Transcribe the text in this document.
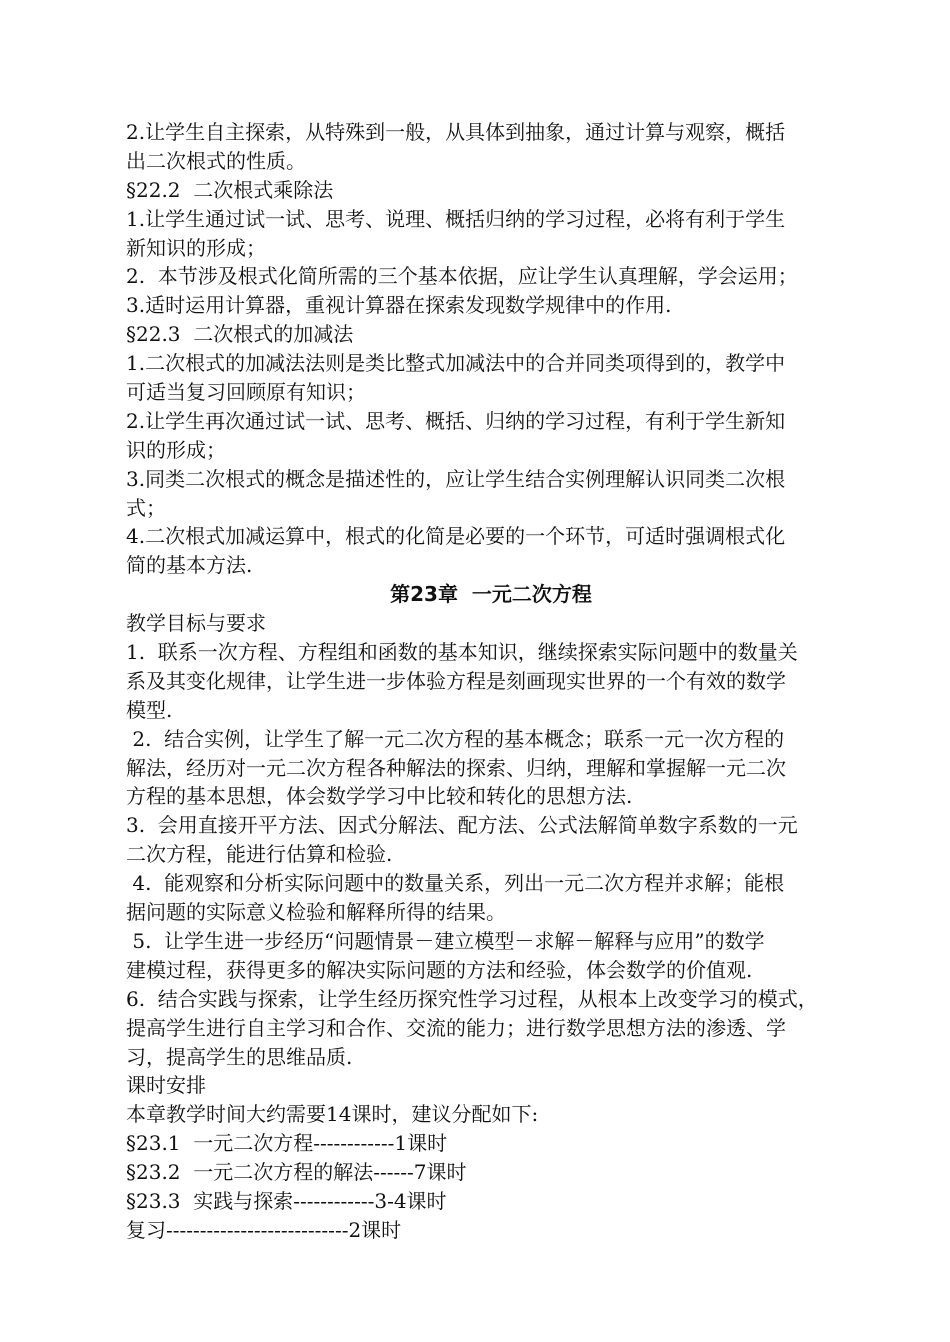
2.让学生自主探索，从特殊到一般，从具体到抽象，通过计算与观察，概括
出二次根式的性质。
§22.2  二次根式乘除法
1.让学生通过试一试、思考、说理、概括归纳的学习过程，必将有利于学生
新知识的形成；
2.  本节涉及根式化简所需的三个基本依据，应让学生认真理解，学会运用；
3.适时运用计算器，重视计算器在探索发现数学规律中的作用.
§22.3  二次根式的加减法
1.二次根式的加减法法则是类比整式加减法中的合并同类项得到的，教学中
可适当复习回顾原有知识；
2.让学生再次通过试一试、思考、概括、归纳的学习过程，有利于学生新知
识的形成；
3.同类二次根式的概念是描述性的，应让学生结合实例理解认识同类二次根
式；
4.二次根式加减运算中，根式的化简是必要的一个环节，可适时强调根式化
简的基本方法.
第23章  一元二次方程
教学目标与要求
1.  联系一次方程、方程组和函数的基本知识，继续探索实际问题中的数量关
系及其变化规律，让学生进一步体验方程是刻画现实世界的一个有效的数学
模型.
2.  结合实例，让学生了解一元二次方程的基本概念；联系一元一次方程的
解法，经历对一元二次方程各种解法的探索、归纳，理解和掌握解一元二次
方程的基本思想，体会数学学习中比较和转化的思想方法.
3.  会用直接开平方法、因式分解法、配方法、公式法解简单数字系数的一元
二次方程，能进行估算和检验.
4.  能观察和分析实际问题中的数量关系，列出一元二次方程并求解；能根
据问题的实际意义检验和解释所得的结果。
5.  让学生进一步经历“问题情景－建立模型－求解－解释与应用”的数学
建模过程，获得更多的解决实际问题的方法和经验，体会数学的价值观.
6.  结合实践与探索，让学生经历探究性学习过程，从根本上改变学习的模式，
提高学生进行自主学习和合作、交流的能力；进行数学思想方法的渗透、学
习，提高学生的思维品质.
课时安排
本章教学时间大约需要14课时，建议分配如下:
§23.1  一元二次方程------------1课时
§23.2  一元二次方程的解法------7课时
§23.3  实践与探索------------3-4课时
复习---------------------------2课时
